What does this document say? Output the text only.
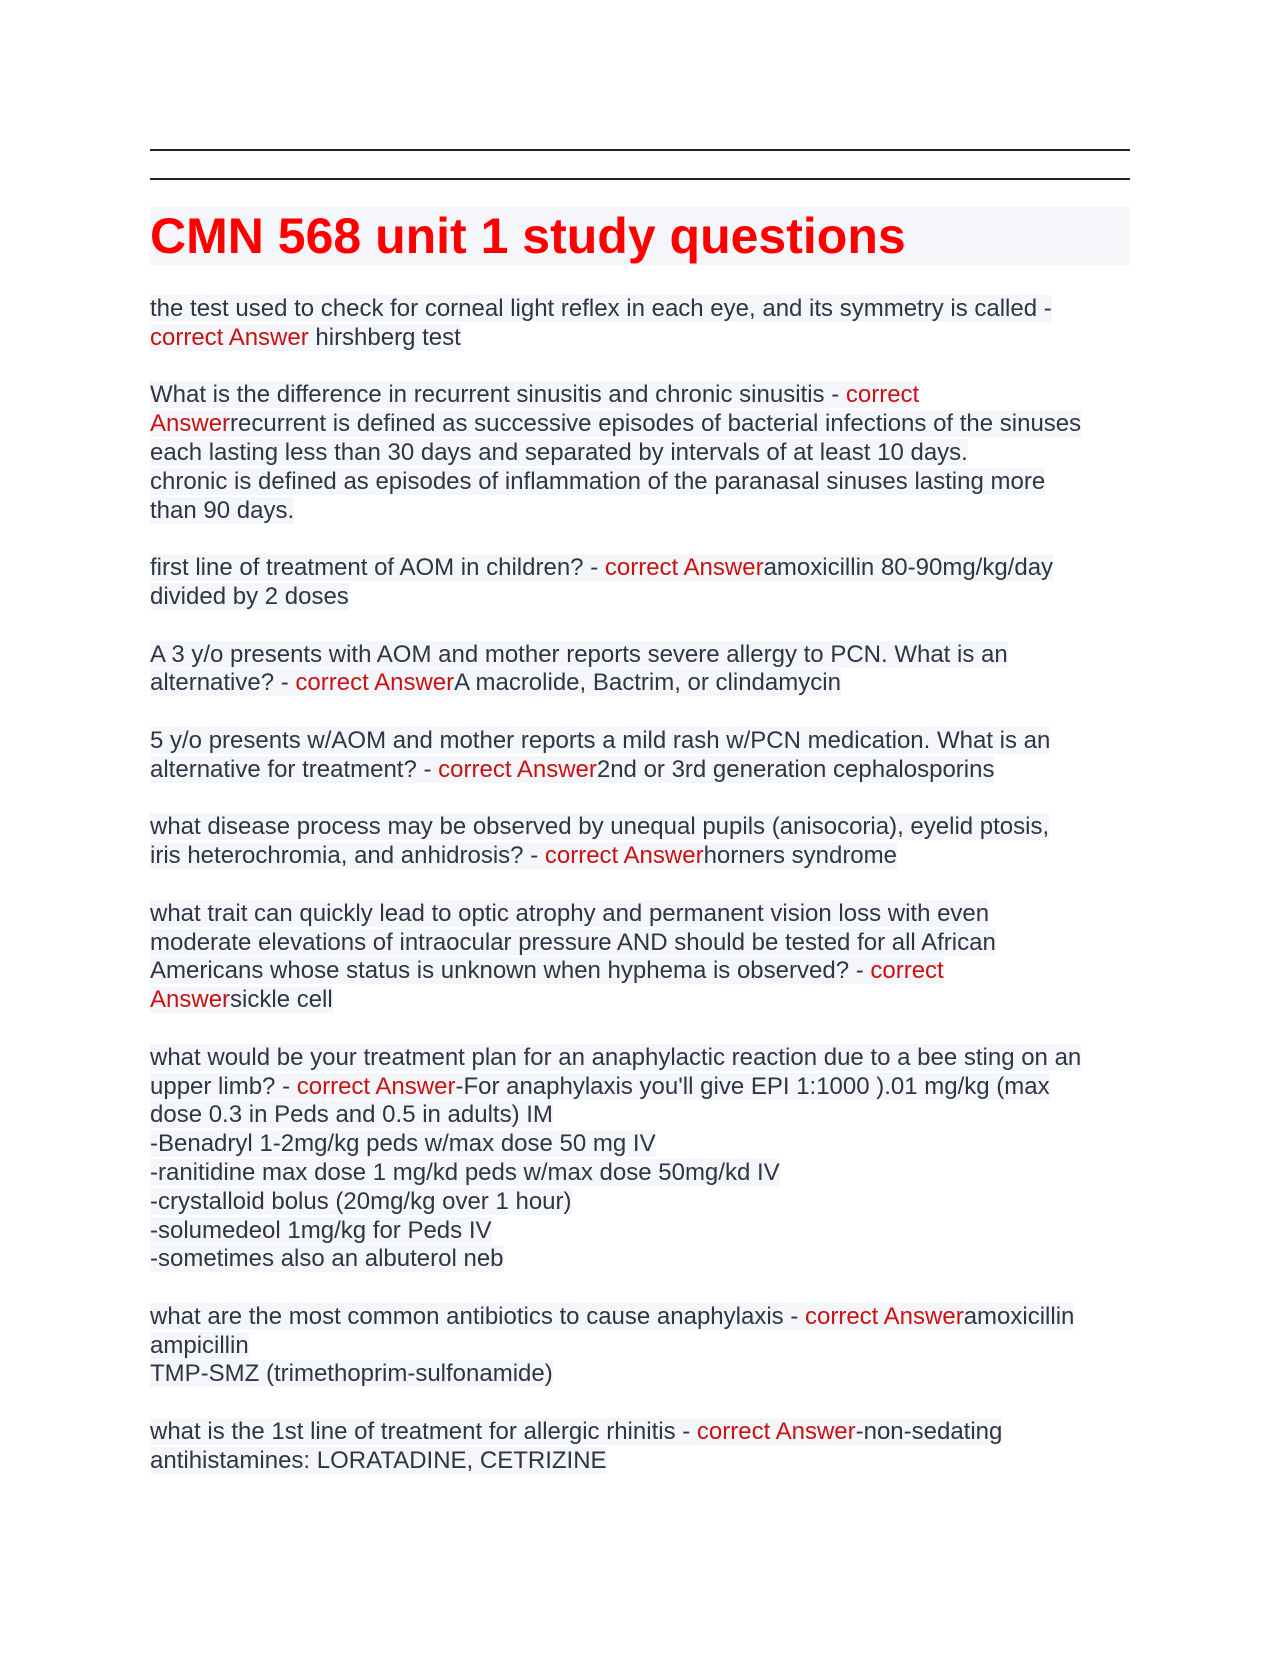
CMN 568 unit 1 study questions
the test used to check for corneal light reflex in each eye, and its symmetry is called -
correct Answer hirshberg test
What is the difference in recurrent sinusitis and chronic sinusitis - correct
Answerrecurrent is defined as successive episodes of bacterial infections of the sinuses
each lasting less than 30 days and separated by intervals of at least 10 days.
chronic is defined as episodes of inflammation of the paranasal sinuses lasting more
than 90 days.
first line of treatment of AOM in children? - correct Answeramoxicillin 80-90mg/kg/day
divided by 2 doses
A 3 y/o presents with AOM and mother reports severe allergy to PCN. What is an
alternative? - correct AnswerA macrolide, Bactrim, or clindamycin
5 y/o presents w/AOM and mother reports a mild rash w/PCN medication. What is an
alternative for treatment? - correct Answer2nd or 3rd generation cephalosporins
what disease process may be observed by unequal pupils (anisocoria), eyelid ptosis,
iris heterochromia, and anhidrosis? - correct Answerhorners syndrome
what trait can quickly lead to optic atrophy and permanent vision loss with even
moderate elevations of intraocular pressure AND should be tested for all African
Americans whose status is unknown when hyphema is observed? - correct
Answersickle cell
what would be your treatment plan for an anaphylactic reaction due to a bee sting on an
upper limb? - correct Answer-For anaphylaxis you'll give EPI 1:1000 ).01 mg/kg (max
dose 0.3 in Peds and 0.5 in adults) IM
-Benadryl 1-2mg/kg peds w/max dose 50 mg IV
-ranitidine max dose 1 mg/kd peds w/max dose 50mg/kd IV
-crystalloid bolus (20mg/kg over 1 hour)
-solumedeol 1mg/kg for Peds IV
-sometimes also an albuterol neb
what are the most common antibiotics to cause anaphylaxis - correct Answeramoxicillin
ampicillin
TMP-SMZ (trimethoprim-sulfonamide)
what is the 1st line of treatment for allergic rhinitis - correct Answer-non-sedating
antihistamines: LORATADINE, CETRIZINE
